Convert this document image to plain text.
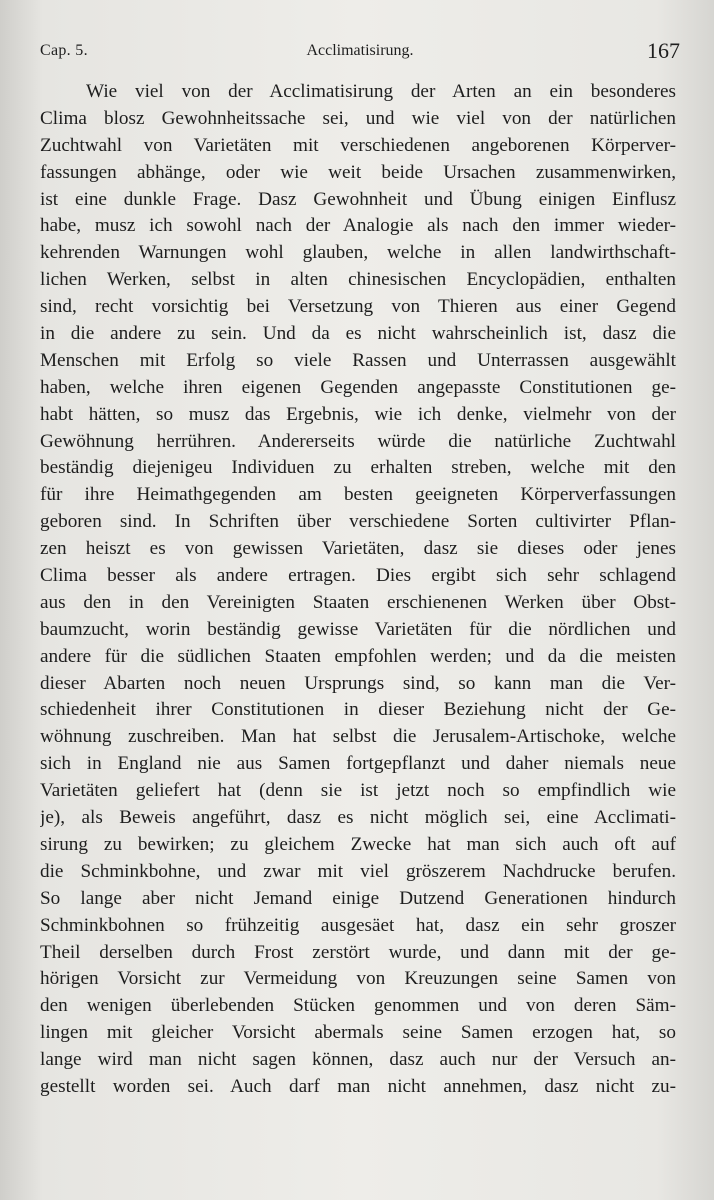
Cap. 5.	Acclimatisirung.	167
Wie viel von der Acclimatisirung der Arten an ein besonderes
Clima blosz Gewohnheitssache sei, und wie viel von der natürlichen
Zuchtwahl von Varietäten mit verschiedenen angeborenen Körperver-
fassungen abhänge, oder wie weit beide Ursachen zusammenwirken,
ist eine dunkle Frage. Dasz Gewohnheit und Übung einigen Einflusz
habe, musz ich sowohl nach der Analogie als nach den immer wieder-
kehrenden Warnungen wohl glauben, welche in allen landwirthschaft-
lichen Werken, selbst in alten chinesischen Encyclopädien, enthalten
sind, recht vorsichtig bei Versetzung von Thieren aus einer Gegend
in die andere zu sein. Und da es nicht wahrscheinlich ist, dasz die
Menschen mit Erfolg so viele Rassen und Unterrassen ausgewählt
haben, welche ihren eigenen Gegenden angepasste Constitutionen ge-
habt hätten, so musz das Ergebnis, wie ich denke, vielmehr von der
Gewöhnung herrühren. Andererseits würde die natürliche Zuchtwahl
beständig diejenigeu Individuen zu erhalten streben, welche mit den
für ihre Heimathgegenden am besten geeigneten Körperverfassungen
geboren sind. In Schriften über verschiedene Sorten cultivirter Pflan-
zen heiszt es von gewissen Varietäten, dasz sie dieses oder jenes
Clima besser als andere ertragen. Dies ergibt sich sehr schlagend
aus den in den Vereinigten Staaten erschienenen Werken über Obst-
baumzucht, worin beständig gewisse Varietäten für die nördlichen und
andere für die südlichen Staaten empfohlen werden; und da die meisten
dieser Abarten noch neuen Ursprungs sind, so kann man die Ver-
schiedenheit ihrer Constitutionen in dieser Beziehung nicht der Ge-
wöhnung zuschreiben. Man hat selbst die Jerusalem-Artischoke, welche
sich in England nie aus Samen fortgepflanzt und daher niemals neue
Varietäten geliefert hat (denn sie ist jetzt noch so empfindlich wie
je), als Beweis angeführt, dasz es nicht möglich sei, eine Acclimati-
sirung zu bewirken; zu gleichem Zwecke hat man sich auch oft auf
die Schminkbohne, und zwar mit viel gröszerem Nachdrucke berufen.
So lange aber nicht Jemand einige Dutzend Generationen hindurch
Schminkbohnen so frühzeitig ausgesäet hat, dasz ein sehr groszer
Theil derselben durch Frost zerstört wurde, und dann mit der ge-
hörigen Vorsicht zur Vermeidung von Kreuzungen seine Samen von
den wenigen überlebenden Stücken genommen und von deren Säm-
lingen mit gleicher Vorsicht abermals seine Samen erzogen hat, so
lange wird man nicht sagen können, dasz auch nur der Versuch an-
gestellt worden sei. Auch darf man nicht annehmen, dasz nicht zu-
